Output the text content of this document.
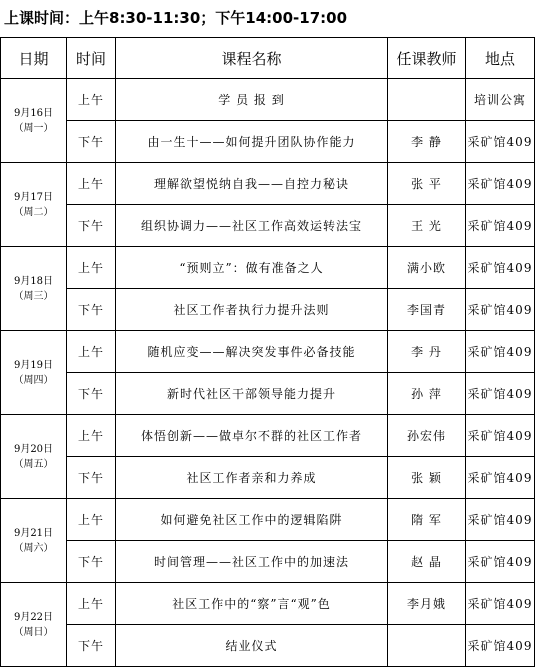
上课时间：上午8:30-11:30；下午14:00-17:00
日期	时间	课程名称	任课教师	地点

9月16日
（周一）	上午	学 员 报 到		培训公寓
	下午	由一生十——如何提升团队协作能力	李 静	采矿馆409

9月17日
（周二）	上午	理解欲望悦纳自我——自控力秘诀	张 平	采矿馆409
	下午	组织协调力——社区工作高效运转法宝	王 光	采矿馆409

9月18日
（周三）	上午	“预则立”：做有准备之人	满小欧	采矿馆409
	下午	社区工作者执行力提升法则	李国青	采矿馆409

9月19日
（周四）	上午	随机应变——解决突发事件必备技能	李 丹	采矿馆409
	下午	新时代社区干部领导能力提升	孙 萍	采矿馆409

9月20日
（周五）	上午	体悟创新——做卓尔不群的社区工作者	孙宏伟	采矿馆409
	下午	社区工作者亲和力养成	张 颖	采矿馆409

9月21日
（周六）	上午	如何避免社区工作中的逻辑陷阱	隋 军	采矿馆409
	下午	时间管理——社区工作中的加速法	赵 晶	采矿馆409

9月22日
（周日）	上午	社区工作中的“察”言“观”色	李月娥	采矿馆409
	下午	结业仪式		采矿馆409
